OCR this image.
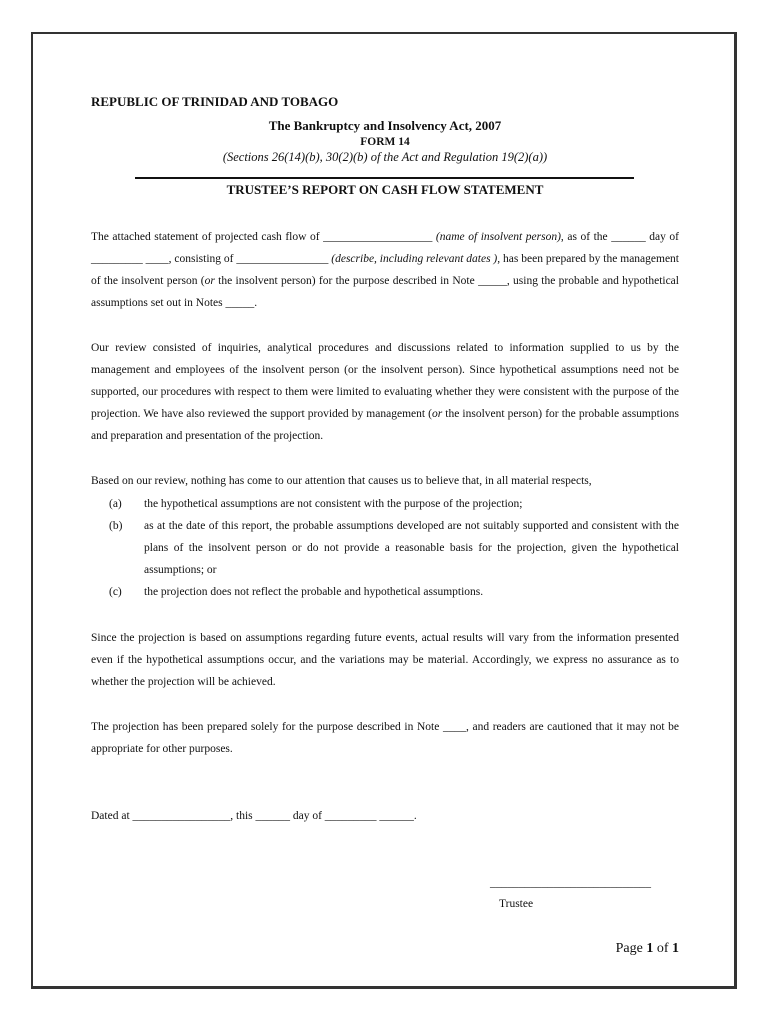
REPUBLIC OF TRINIDAD AND TOBAGO
The Bankruptcy and Insolvency Act, 2007
FORM 14
(Sections 26(14)(b), 30(2)(b) of the Act and Regulation 19(2)(a))
TRUSTEE’S REPORT ON CASH FLOW STATEMENT

The attached statement of projected cash flow of ___________________ (name of insolvent person), as of the ______ day of _________ ____, consisting of ________________ (describe, including relevant dates ), has been prepared by the management of the insolvent person (or the insolvent person) for the purpose described in Note _____, using the probable and hypothetical assumptions set out in Notes _____.

Our review consisted of inquiries, analytical procedures and discussions related to information supplied to us by the management and employees of the insolvent person (or the insolvent person). Since hypothetical assumptions need not be supported, our procedures with respect to them were limited to evaluating whether they were consistent with the purpose of the projection. We have also reviewed the support provided by management (or the insolvent person) for the probable assumptions and preparation and presentation of the projection.

Based on our review, nothing has come to our attention that causes us to believe that, in all material respects,

(a)	the hypothetical assumptions are not consistent with the purpose of the projection;
(b)	as at the date of this report, the probable assumptions developed are not suitably supported and consistent with the plans of the insolvent person or do not provide a reasonable basis for the projection, given the hypothetical assumptions; or
(c)	the projection does not reflect the probable and hypothetical assumptions.

Since the projection is based on assumptions regarding future events, actual results will vary from the information presented even if the hypothetical assumptions occur, and the variations may be material. Accordingly, we express no assurance as to whether the projection will be achieved.

The projection has been prepared solely for the purpose described in Note ____, and readers are cautioned that it may not be appropriate for other purposes.

Dated at _________________, this ______ day of _________ ______.

____________________________
Trustee
Page 1 of 1
